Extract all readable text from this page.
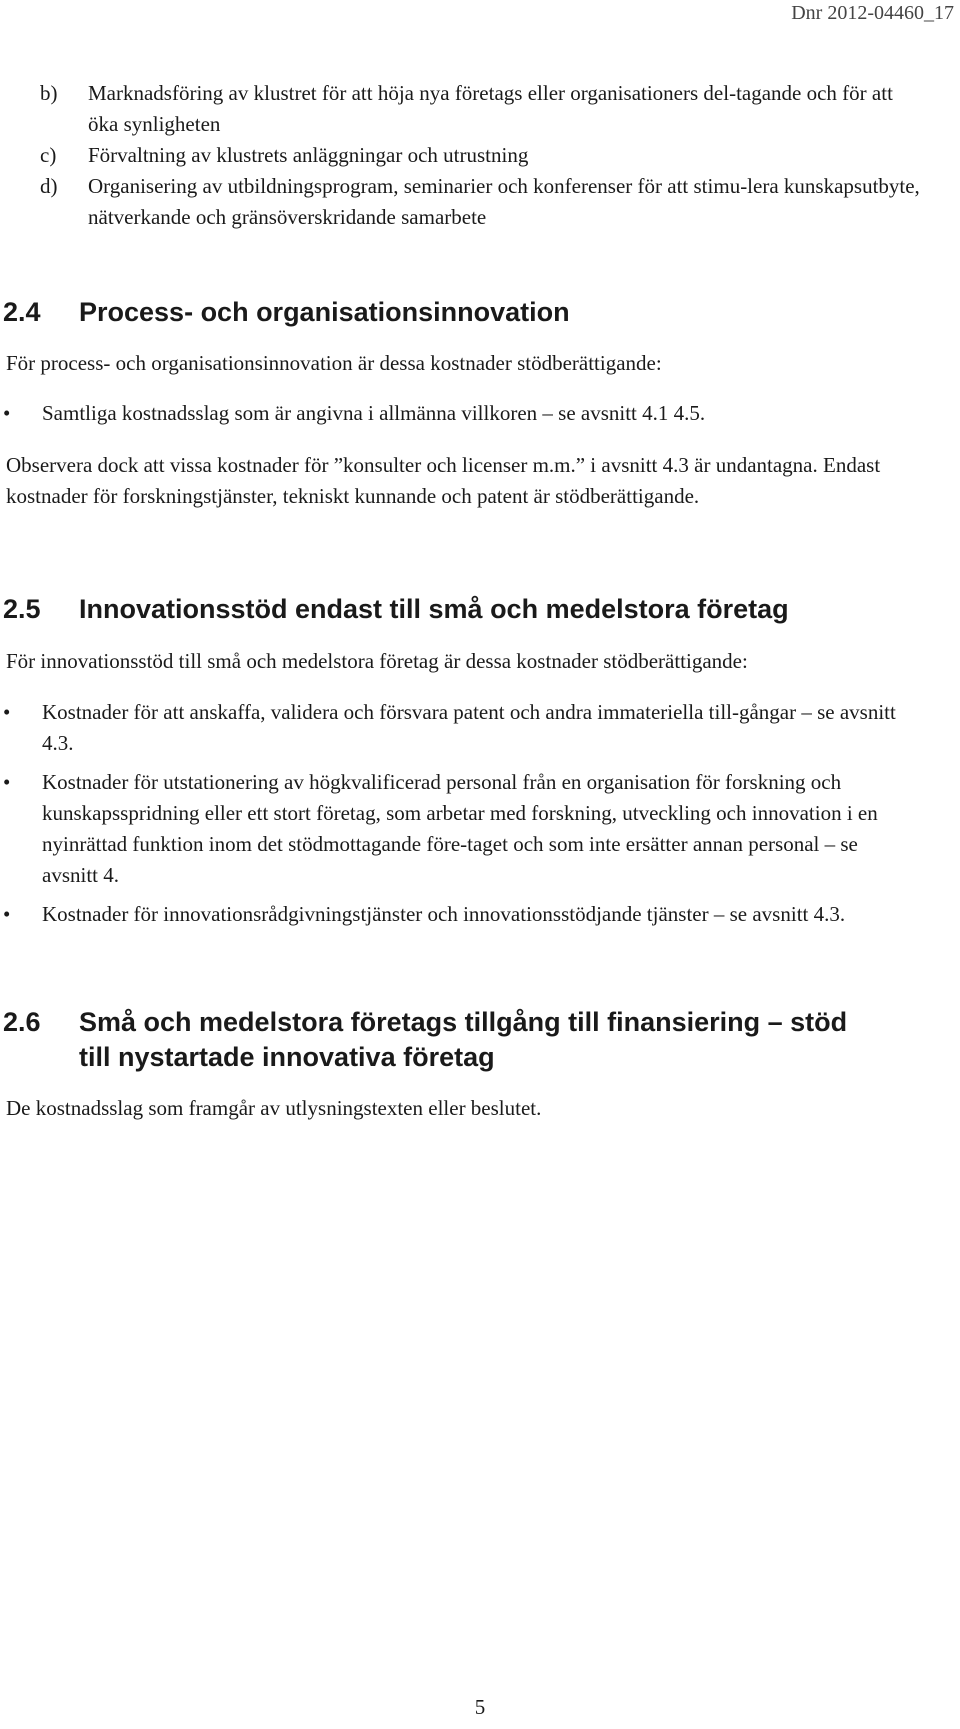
Dnr 2012-04460_17
b) Marknadsföring av klustret för att höja nya företags eller organisationers del-tagande och för att öka synligheten
c) Förvaltning av klustrets anläggningar och utrustning
d) Organisering av utbildningsprogram, seminarier och konferenser för att stimu-lera kunskapsutbyte, nätverkande och gränsöverskridande samarbete
2.4 Process- och organisationsinnovation
För process- och organisationsinnovation är dessa kostnader stödberättigande:
• Samtliga kostnadsslag som är angivna i allmänna villkoren – se avsnitt 4.1 4.5.
Observera dock att vissa kostnader för ”konsulter och licenser m.m.” i avsnitt 4.3 är undantagna. Endast kostnader för forskningstjänster, tekniskt kunnande och patent är stödberättigande.
2.5 Innovationsstöd endast till små och medelstora företag
För innovationsstöd till små och medelstora företag är dessa kostnader stödberättigande:
• Kostnader för att anskaffa, validera och försvara patent och andra immateriella till-gångar – se avsnitt 4.3.
• Kostnader för utstationering av högkvalificerad personal från en organisation för forskning och kunskapsspridning eller ett stort företag, som arbetar med forskning, utveckling och innovation i en nyinrättad funktion inom det stödmottagande före-taget och som inte ersätter annan personal – se avsnitt 4.
• Kostnader för innovationsrådgivningstjänster och innovationsstödjande tjänster – se avsnitt 4.3.
2.6 Små och medelstora företags tillgång till finansiering – stöd till nystartade innovativa företag
De kostnadsslag som framgår av utlysningstexten eller beslutet.
5
